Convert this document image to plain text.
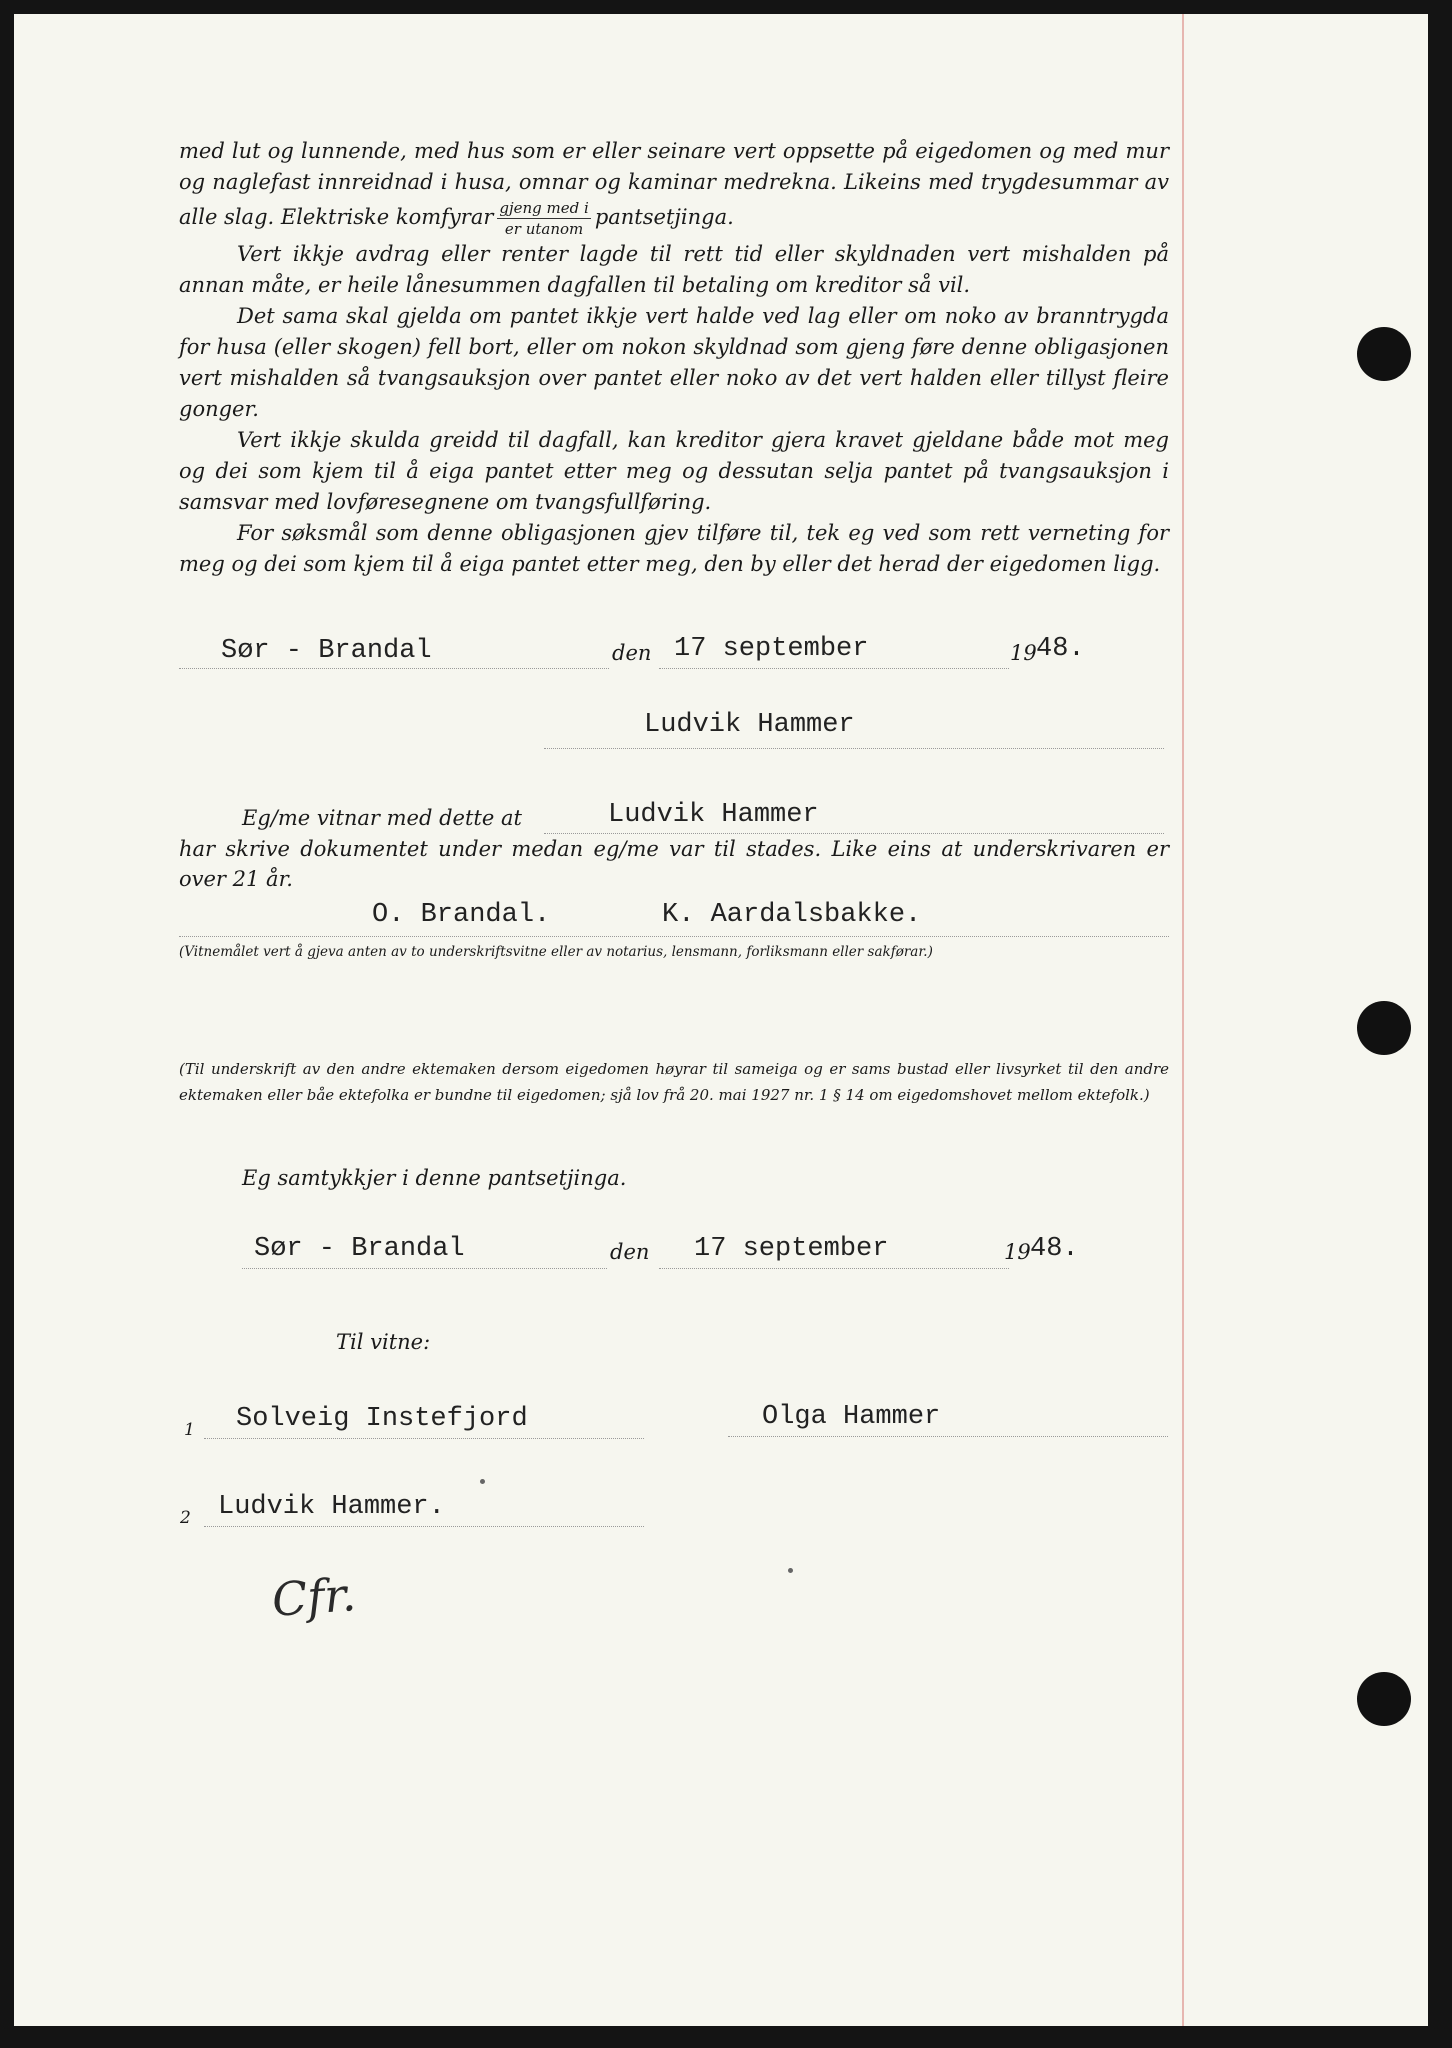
med lut og lunnende, med hus som er eller seinare vert oppsette på eigedomen og med mur og naglefast innreidnad i husa, omnar og kaminar medrekna. Likeins med trygdesummar av alle slag. Elektriske komfyrar $\frac{\text{gjeng med i}}{\text{er utanom}}$ pantsetjinga.

Vert ikkje avdrag eller renter lagde til rett tid eller skyldnaden vert mishalden på annan måte, er heile lånesummen dagfallen til betaling om kreditor så vil.

Det sama skal gjelda om pantet ikkje vert halde ved lag eller om noko av branntrygda for husa (eller skogen) fell bort, eller om nokon skyldnad som gjeng føre denne obligasjonen vert mishalden så tvangsauksjon over pantet eller noko av det vert halden eller tillyst fleire gonger.

Vert ikkje skulda greidd til dagfall, kan kreditor gjera kravet gjeldane både mot meg og dei som kjem til å eiga pantet etter meg og dessutan selja pantet på tvangsauksjon i samsvar med lovføresegnene om tvangsfullføring.

For søksmål som denne obligasjonen gjev tilføre til, tek eg ved som rett verneting for meg og dei som kjem til å eiga pantet etter meg, den by eller det herad der eigedomen ligg.

Sør - Brandal	den 17 september	19 48.
Ludvik Hammer
Eg/me vitnar med dette at	Ludvik Hammer
har skrive dokumentet under medan eg/me var til stades. Like eins at underskrivaren er over 21 år.
O. Brandal.	K. Aardalsbakke.
(Vitnemålet vert å gjeva anten av to underskriftsvitne eller av notarius, lensmann, forliksmann eller sakførar.)
(Til underskrift av den andre ektemaken dersom eigedomen høyrar til sameiga og er sams bustad eller livsyrket til den andre ektemaken eller båe ektefolka er bundne til eigedomen; sjå lov frå 20. mai 1927 nr. 1 § 14 om eigedomshovet mellom ektefolk.)
Eg samtykkjer i denne pantsetjinga.
Sør - Brandal	den 17 september	19 48.
Til vitne:
1 Solveig Instefjord	Olga Hammer
2 Ludvik Hammer.
Cfr.
